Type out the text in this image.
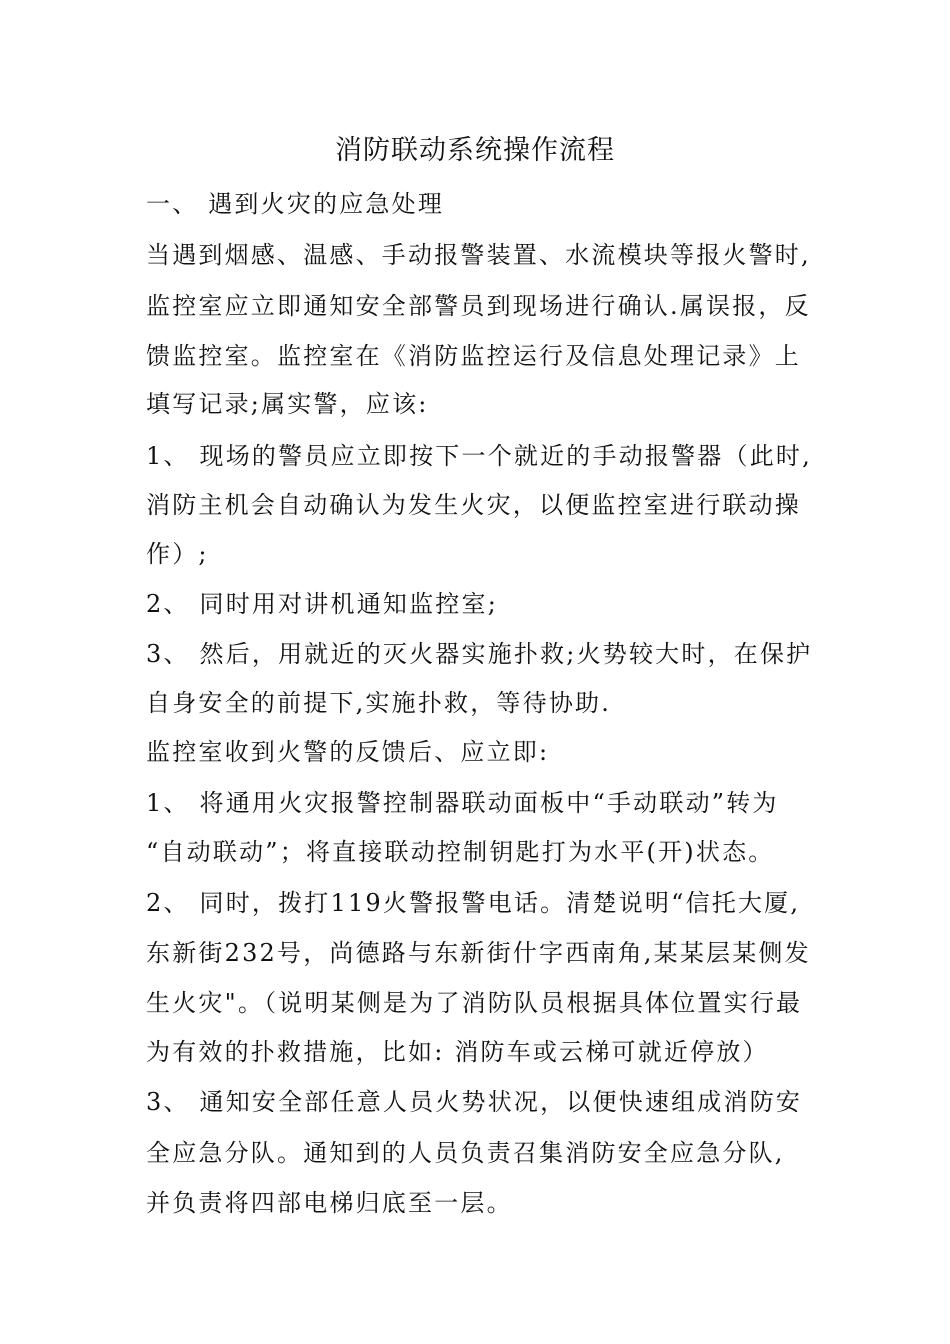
消防联动系统操作流程
一、 遇到火灾的应急处理
当遇到烟感、温感、手动报警装置、水流模块等报火警时,
监控室应立即通知安全部警员到现场进行确认.属误报，反
馈监控室。监控室在《消防监控运行及信息处理记录》上
填写记录;属实警，应该:
1、 现场的警员应立即按下一个就近的手动报警器（此时,
消防主机会自动确认为发生火灾，以便监控室进行联动操
作）;
2、 同时用对讲机通知监控室;
3、 然后，用就近的灭火器实施扑救;火势较大时，在保护
自身安全的前提下,实施扑救，等待协助.
监控室收到火警的反馈后、应立即:
1、 将通用火灾报警控制器联动面板中“手动联动”转为
“自动联动”；将直接联动控制钥匙打为水平(开)状态。
2、 同时，拨打119火警报警电话。清楚说明“信托大厦,
东新街232号，尚德路与东新街什字西南角,某某层某侧发
生火灾"。（说明某侧是为了消防队员根据具体位置实行最
为有效的扑救措施，比如: 消防车或云梯可就近停放）
3、 通知安全部任意人员火势状况，以便快速组成消防安
全应急分队。通知到的人员负责召集消防安全应急分队,
并负责将四部电梯归底至一层。
